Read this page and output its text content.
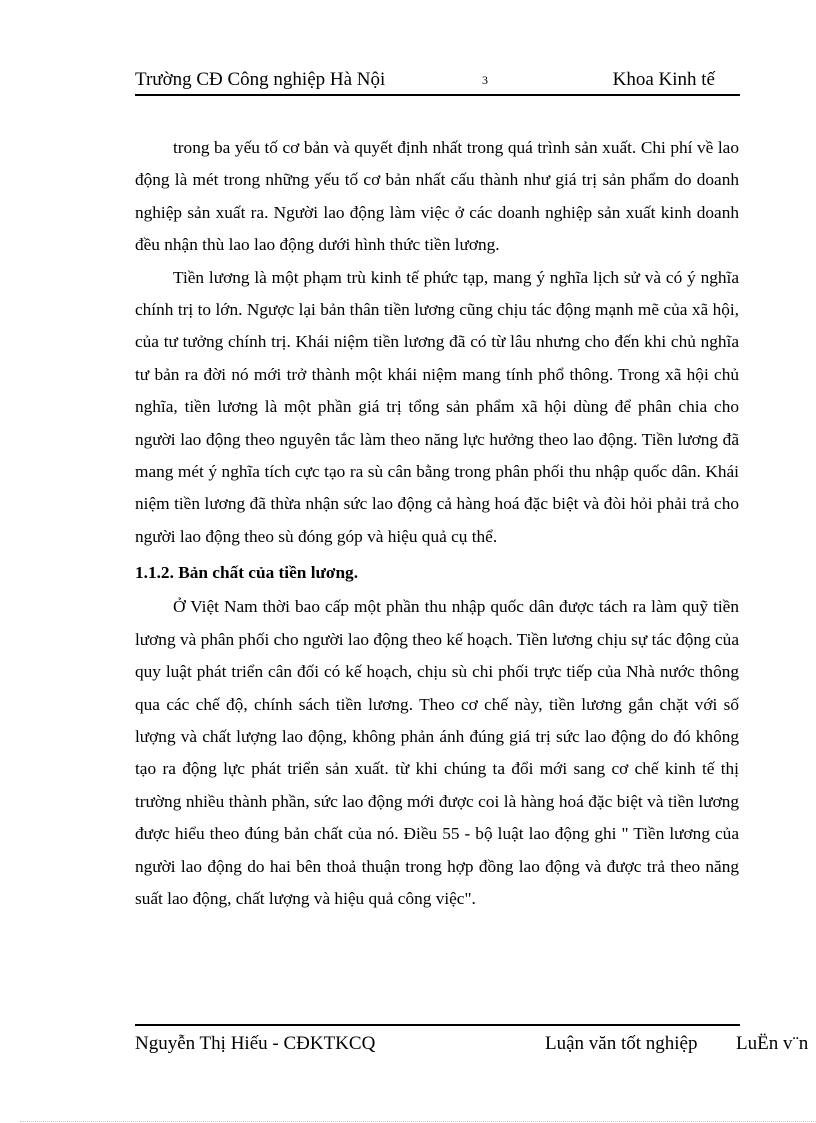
Trường CĐ Công nghiệp Hà Nội	3	Khoa Kinh tế

trong ba yếu tố cơ bản và quyết định nhất trong quá trình sản xuất. Chi phí về lao động là mét trong những yếu tố cơ bản nhất cấu thành như giá trị sản phẩm do doanh nghiệp sản xuất ra. Người lao động làm việc ở các doanh nghiệp sản xuất kinh doanh đều nhận thù lao lao động dưới hình thức tiền lương.

Tiền lương là một phạm trù kinh tế phức tạp, mang ý nghĩa lịch sử và có ý nghĩa chính trị to lớn. Ngược lại bản thân tiền lương cũng chịu tác động mạnh mẽ của xã hội, của tư tưởng chính trị. Khái niệm tiền lương đã có từ lâu nhưng cho đến khi chủ nghĩa tư bản ra đời nó mới trở thành một khái niệm mang tính phổ thông. Trong xã hội chủ nghĩa, tiền lương là một phần giá trị tổng sản phẩm xã hội dùng để phân chia cho người lao động theo nguyên tắc làm theo năng lực hưởng theo lao động. Tiền lương đã mang mét ý nghĩa tích cực tạo ra sù cân bằng trong phân phối thu nhập quốc dân. Khái niệm tiền lương đã thừa nhận sức lao động cả hàng hoá đặc biệt và đòi hỏi phải trả cho người lao động theo sù đóng góp và hiệu quả cụ thể.

1.1.2. Bản chất của tiền lương.

Ở Việt Nam thời bao cấp một phần thu nhập quốc dân được tách ra làm quỹ tiền lương và phân phối cho người lao động theo kế hoạch. Tiền lương chịu sự tác động của quy luật phát triển cân đối có kế hoạch, chịu sù chi phối trực tiếp của Nhà nước thông qua các chế độ, chính sách tiền lương. Theo cơ chế này, tiền lương gắn chặt với số lượng và chất lượng lao động, không phản ánh đúng giá trị sức lao động do đó không tạo ra động lực phát triển sản xuất. từ khi chúng ta đổi mới sang cơ chế kinh tế thị trường nhiều thành phần, sức lao động mới được coi là hàng hoá đặc biệt và tiền lương được hiểu theo đúng bản chất của nó. Điều 55 - bộ luật lao động ghi " Tiền lương của người lao động do hai bên thoả thuận trong hợp đồng lao động và được trả theo năng suất lao động, chất lượng và hiệu quả công việc".

Nguyễn Thị Hiếu - CĐKTKCQ	Luận văn tốt nghiệp LuËn v¨n
